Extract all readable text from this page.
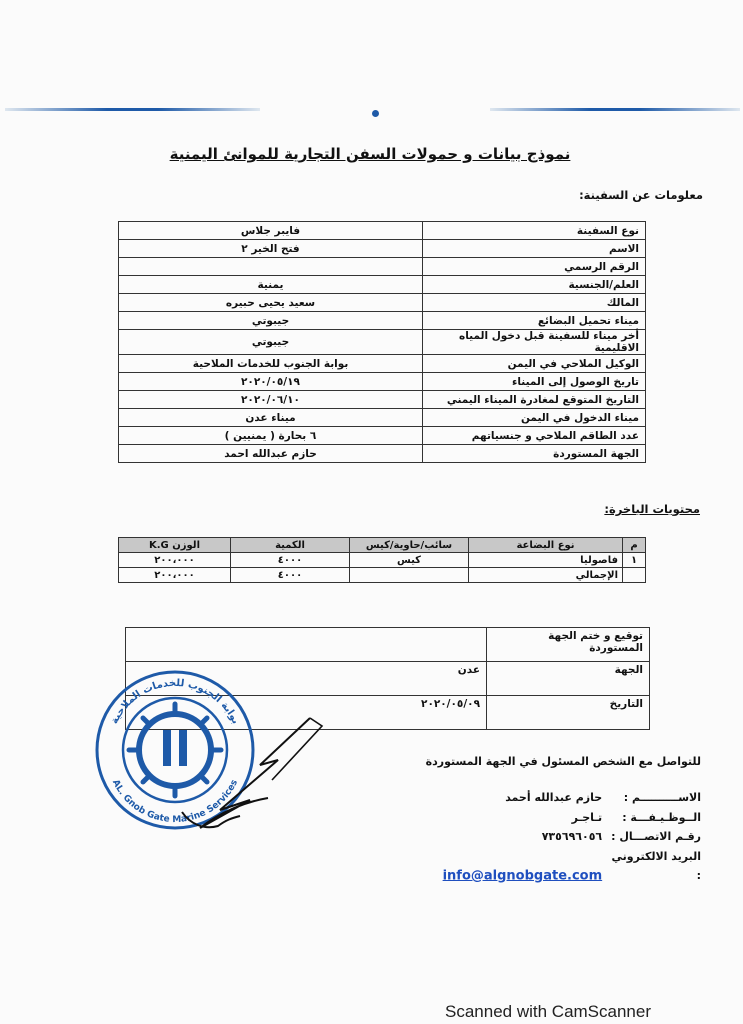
نموذج بيانات و حمولات السفن التجارية للموانئ اليمنية
معلومات عن السفينة:
نوع السفينة	فايبر جلاس
الاسم	فتح الخير ٢
الرقم الرسمي	
العلم/الجنسية	يمنية
المالك	سعيد يحيى حبيره
ميناء تحميل البضائع	جيبوتي
أخر ميناء للسفينة قبل دخول المياه الاقليمية	جيبوتي
الوكيل الملاحي في اليمن	بوابة الجنوب للخدمات الملاحية
تاريخ الوصول إلى الميناء	٢٠٢٠/٠٥/١٩
التاريخ المتوقع لمغادرة الميناء اليمني	٢٠٢٠/٠٦/١٠
ميناء الدخول في اليمن	ميناء عدن
عدد الطاقم الملاحي و جنسياتهم	٦ بحارة ( يمنيين )
الجهة المستوردة	حازم عبدالله احمد
محتويات الباخرة:
م	نوع البضاعة	سائب/حاوية/كيس	الكمية	الوزن K.G
١	فاصوليا	كيس	٤٠٠٠	٢٠٠،٠٠٠
	الإجمالي		٤٠٠٠	٢٠٠،٠٠٠
توقيع و ختم الجهة المستوردة	
الجهة	عدن
التاريخ	٢٠٢٠/٠٥/٠٩
بوابة الجنوب للخدمات الملاحية
AL. Gnob Gate Marine Services
للتواصل مع الشخص المسئول في الجهة المستوردة
الاســــــــــم : حازم عبدالله أحمد
الــوظـيـفـــة : تـاجـر
رقـم الاتصـــال : ٧٣٥٦٩٦٠٥٦
البريد الالكتروني : info@algnobgate.com
Scanned with CamScanner
